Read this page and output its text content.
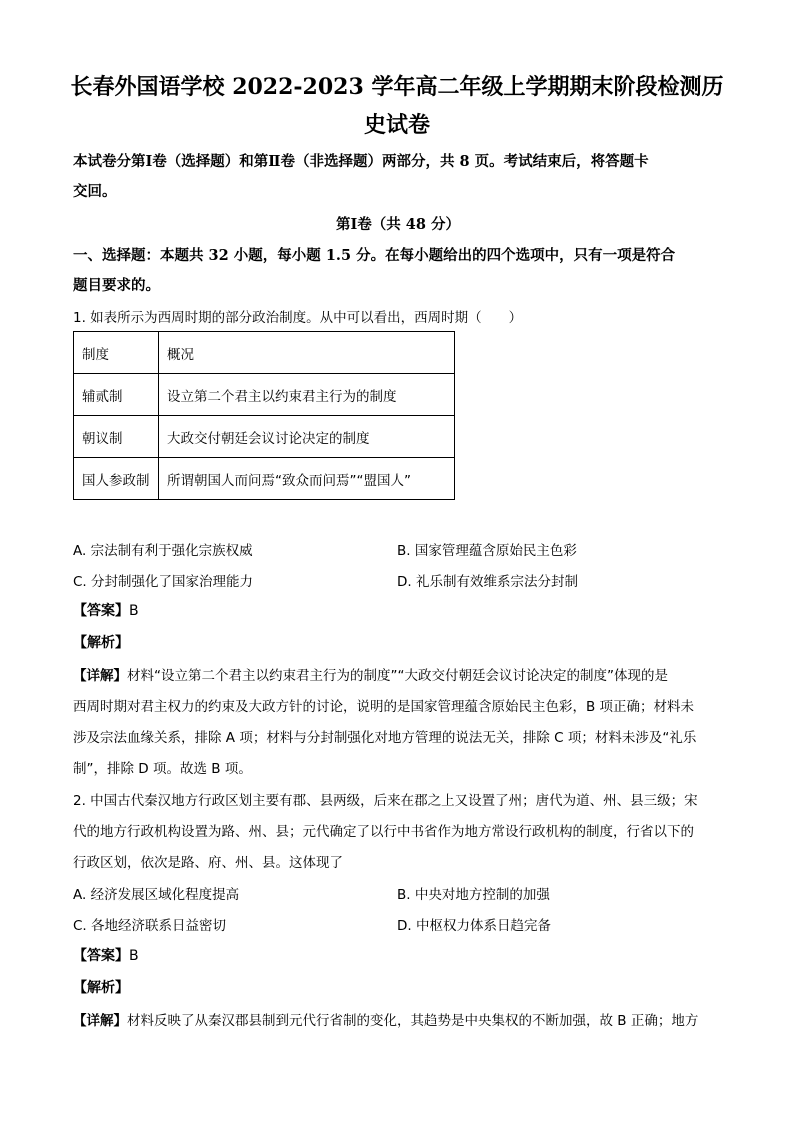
长春外国语学校 2022-2023 学年高二年级上学期期末阶段检测历史试卷
本试卷分第Ⅰ卷（选择题）和第Ⅱ卷（非选择题）两部分，共 8 页。考试结束后，将答题卡
交回。
第Ⅰ卷（共 48 分）
一、选择题：本题共 32 小题，每小题 1.5 分。在每小题给出的四个选项中，只有一项是符合
题目要求的。
1. 如表所示为西周时期的部分政治制度。从中可以看出，西周时期（　　）
制度	概况
辅贰制	设立第二个君主以约束君主行为的制度
朝议制	大政交付朝廷会议讨论决定的制度
国人参政制	所谓朝国人而问焉“致众而问焉”“盟国人”
A. 宗法制有利于强化宗族权威	B. 国家管理蕴含原始民主色彩
C. 分封制强化了国家治理能力	D. 礼乐制有效维系宗法分封制
【答案】B
【解析】
【详解】材料“设立第二个君主以约束君主行为的制度”“大政交付朝廷会议讨论决定的制度”体现的是
西周时期对君主权力的约束及大政方针的讨论，说明的是国家管理蕴含原始民主色彩，B 项正确；材料未
涉及宗法血缘关系，排除 A 项；材料与分封制强化对地方管理的说法无关，排除 C 项；材料未涉及“礼乐
制”，排除 D 项。故选 B 项。
2. 中国古代秦汉地方行政区划主要有郡、县两级，后来在郡之上又设置了州；唐代为道、州、县三级；宋
代的地方行政机构设置为路、州、县；元代确定了以行中书省作为地方常设行政机构的制度，行省以下的
行政区划，依次是路、府、州、县。这体现了
A. 经济发展区域化程度提高	B. 中央对地方控制的加强
C. 各地经济联系日益密切	D. 中枢权力体系日趋完备
【答案】B
【解析】
【详解】材料反映了从秦汉郡县制到元代行省制的变化，其趋势是中央集权的不断加强，故 B 正确；地方
